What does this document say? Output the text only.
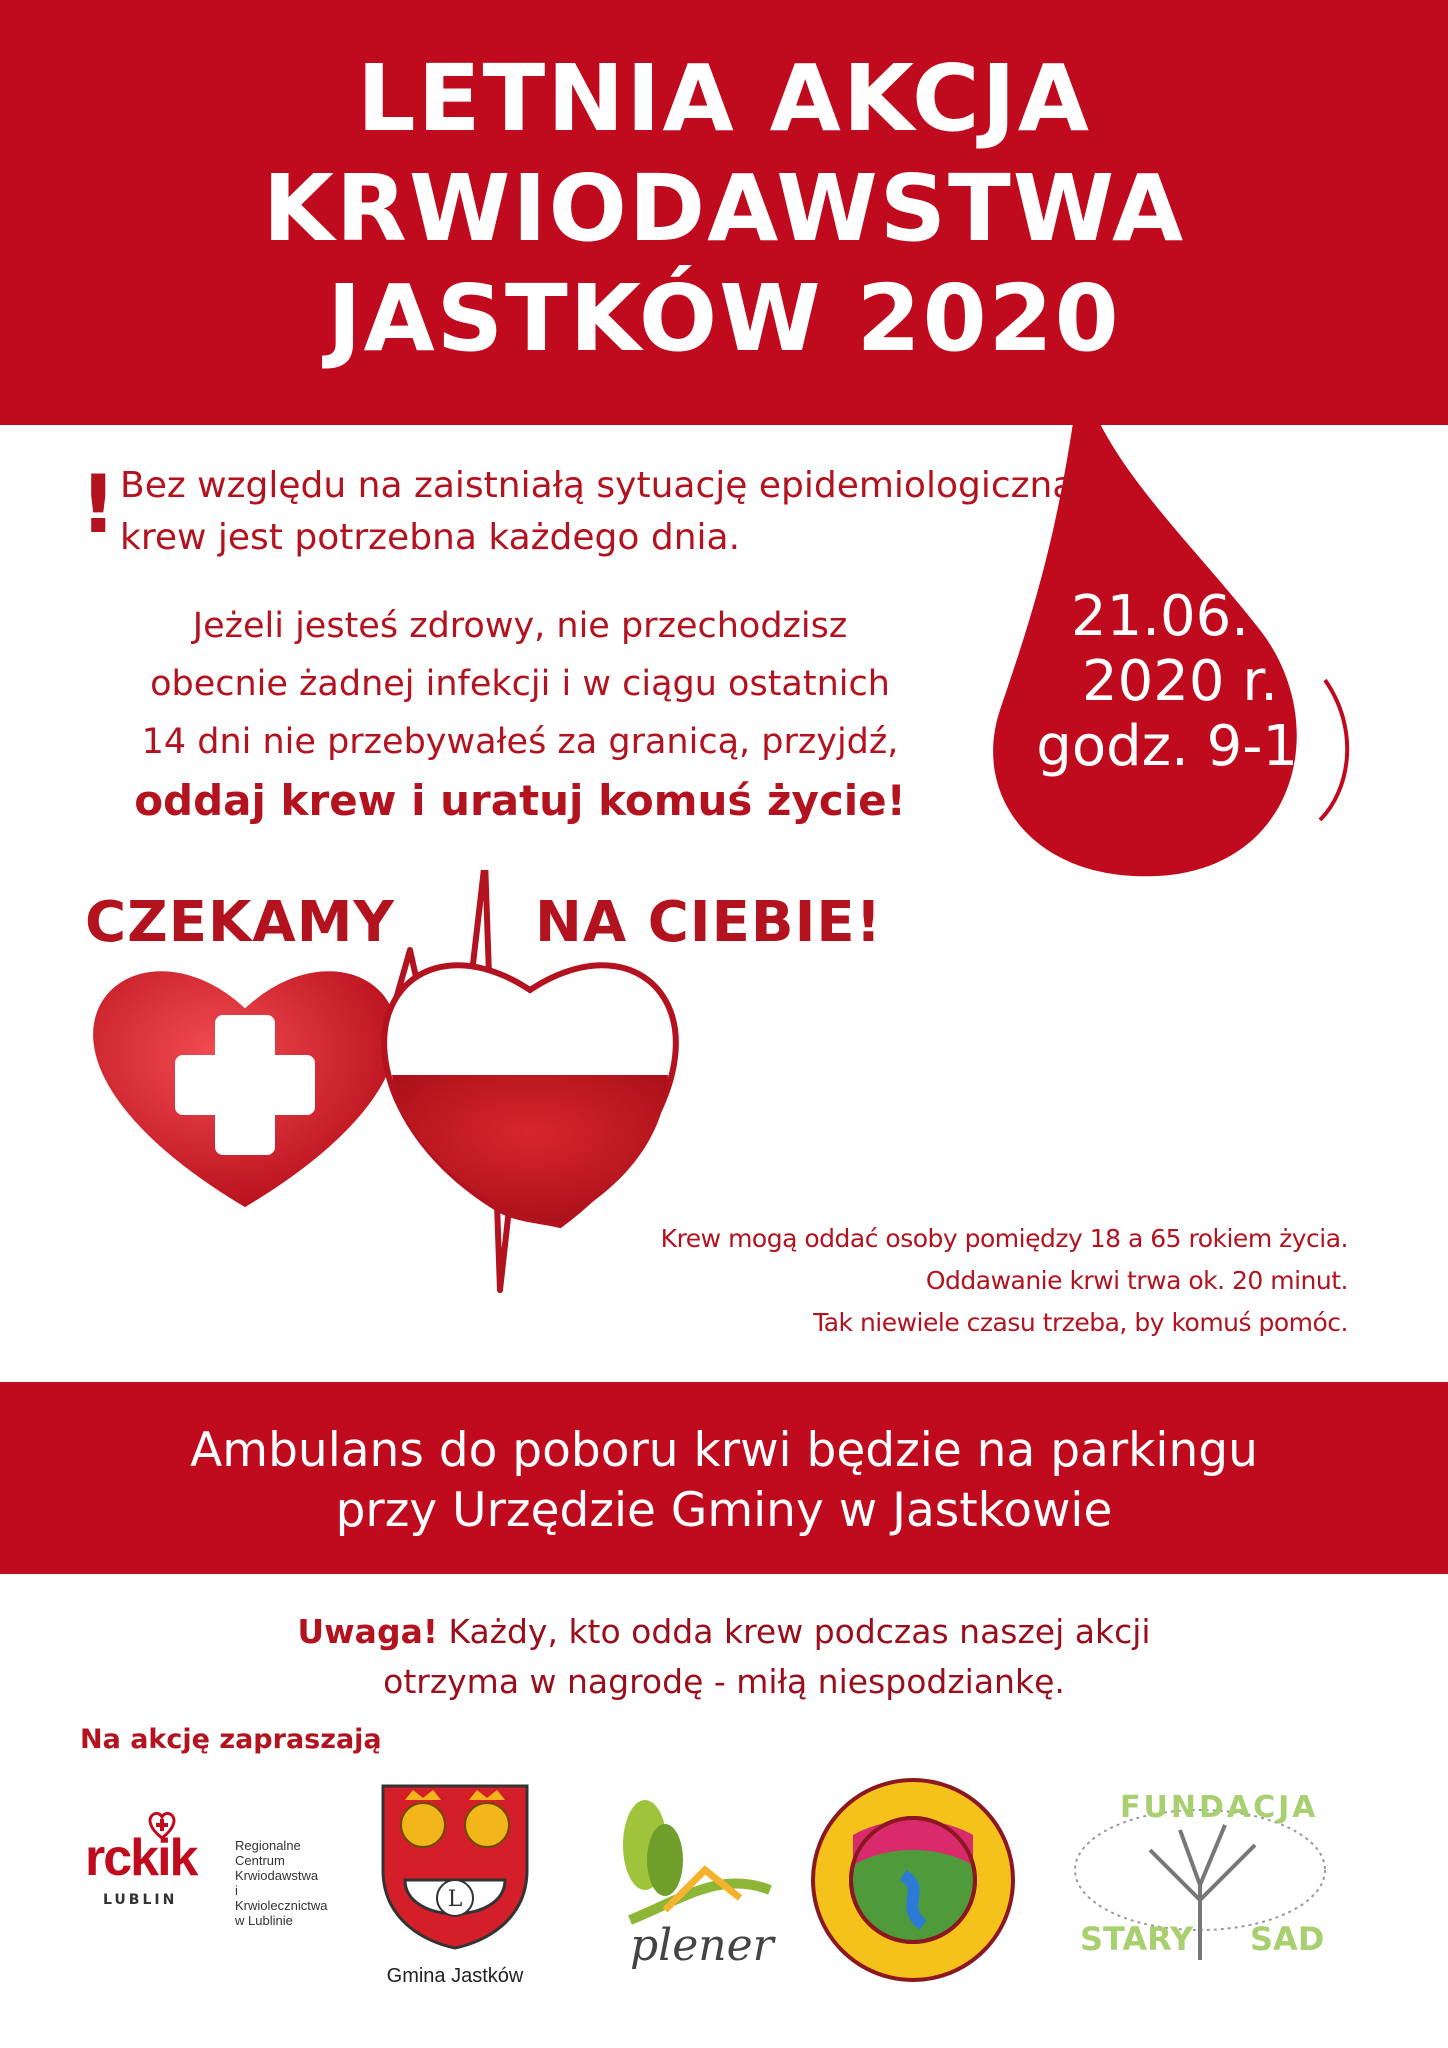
LETNIA AKCJA
KRWIODAWSTWA
JASTKÓW 2020
21.06.
2020 r.
godz. 9-13
! Bez względu na zaistniałą sytuację epidemiologiczną
krew jest potrzebna każdego dnia.
Jeżeli jesteś zdrowy, nie przechodzisz
obecnie żadnej infekcji i w ciągu ostatnich
14 dni nie przebywałeś za granicą, przyjdź,
oddaj krew i uratuj komuś życie!
CZEKAMY	NA CIEBIE!
Krew mogą oddać osoby pomiędzy 18 a 65 rokiem życia.
Oddawanie krwi trwa ok. 20 minut.
Tak niewiele czasu trzeba, by komuś pomóc.
Ambulans do poboru krwi będzie na parkingu
przy Urzędzie Gminy w Jastkowie
Uwaga! Każdy, kto odda krew podczas naszej akcji
otrzyma w nagrodę - miłą niespodziankę.
Na akcję zapraszają
rckik
LUBLIN
Regionalne Centrum
Krwiodawstwa
i Krwiolecznictwa
w Lublinie
L
Gmina Jastków
plener
FUNDACJA
STARY SAD
